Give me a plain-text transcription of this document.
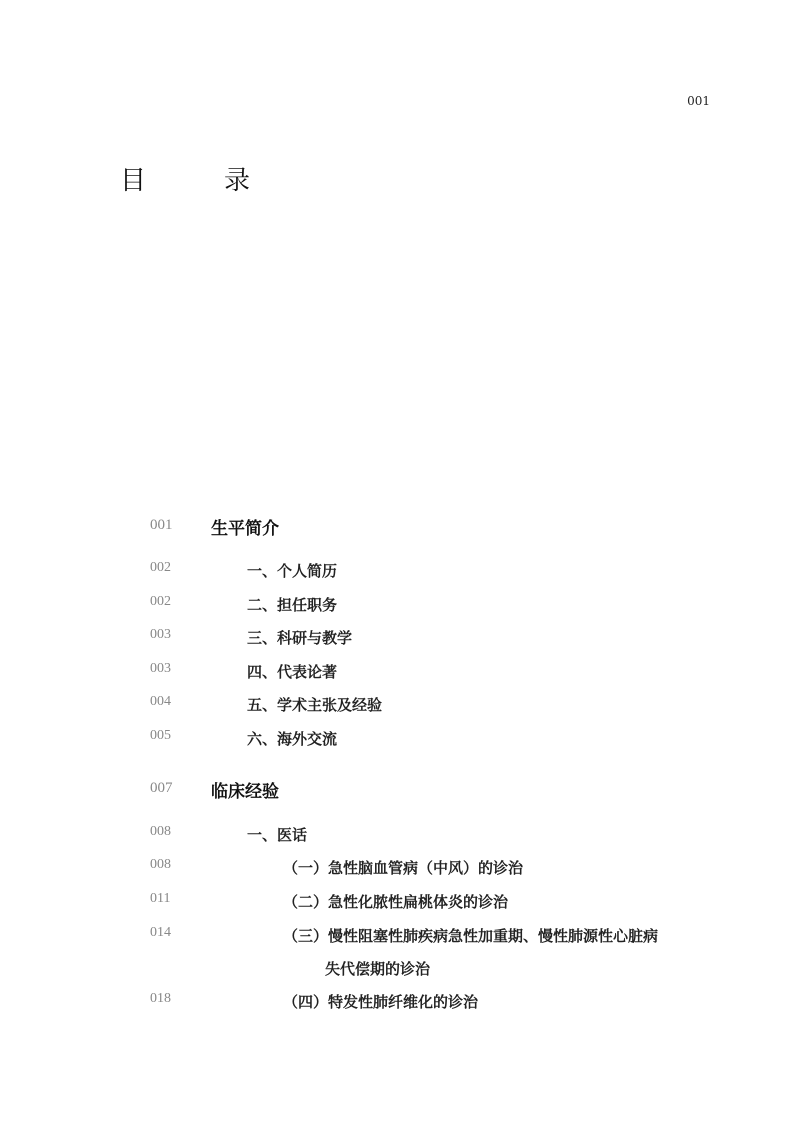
001
目　录
001	生平简介
002	一、个人简历
002	二、担任职务
003	三、科研与教学
003	四、代表论著
004	五、学术主张及经验
005	六、海外交流
007	临床经验
008	一、医话
008	（一）急性脑血管病（中风）的诊治
011	（二）急性化脓性扁桃体炎的诊治
014	（三）慢性阻塞性肺疾病急性加重期、慢性肺源性心脏病
失代偿期的诊治
018	（四）特发性肺纤维化的诊治
